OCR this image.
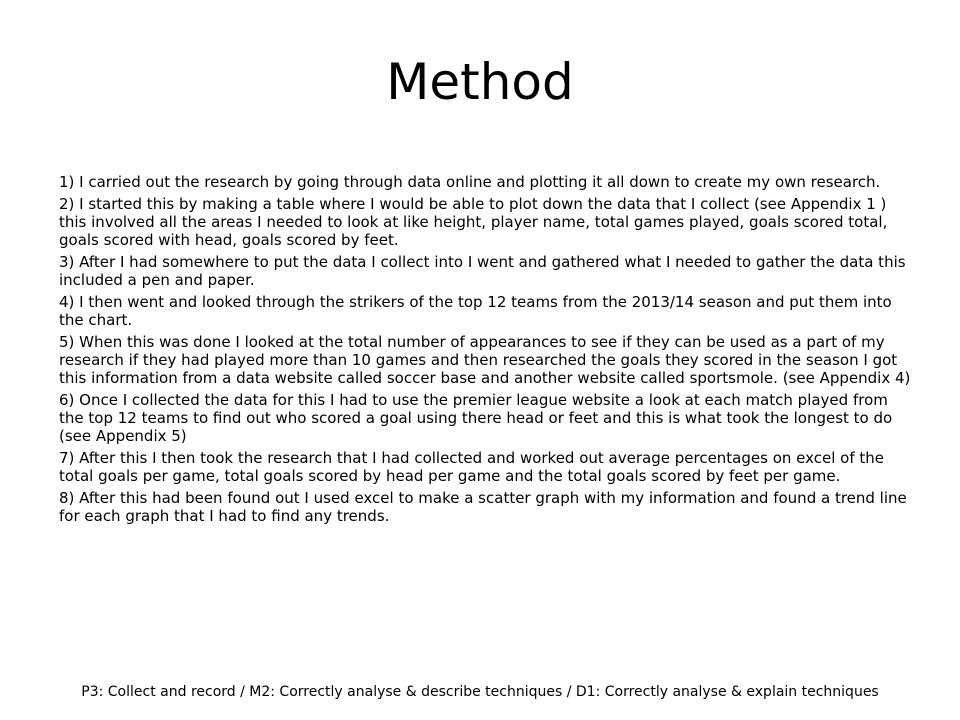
Method
1) I carried out the research by going through data online and plotting it all down to create my own research.
2) I started this by making a table where I would be able to plot down the data that I collect (see Appendix 1 ) this involved all the areas I needed to look at like height, player name, total games played, goals scored total, goals scored with head, goals scored by feet.
3) After I had somewhere to put the data I collect into I went and gathered what I needed to gather the data this included a pen and paper.
4) I then went and looked through the strikers of the top 12 teams from the 2013/14 season and put them into the chart.
5) When this was done I looked at the total number of appearances to see if they can be used as a part of my research if they had played more than 10 games and then researched the goals they scored in the season I got this information from a data website called soccer base and another website called sportsmole. (see Appendix 4)
6) Once I collected the data for this I had to use the premier league website a look at each match played from the top 12 teams to find out who scored a goal using there head or feet and this is what took the longest to do (see Appendix 5)
7) After this I then took the research that I had collected and worked out average percentages on excel of the total goals per game, total goals scored by head per game and the total goals scored by feet per game.
8) After this had been found out I used excel to make a scatter graph with my information and found a trend line for each graph that I had to find any trends.
P3: Collect and record / M2: Correctly analyse & describe techniques / D1: Correctly analyse & explain techniques
